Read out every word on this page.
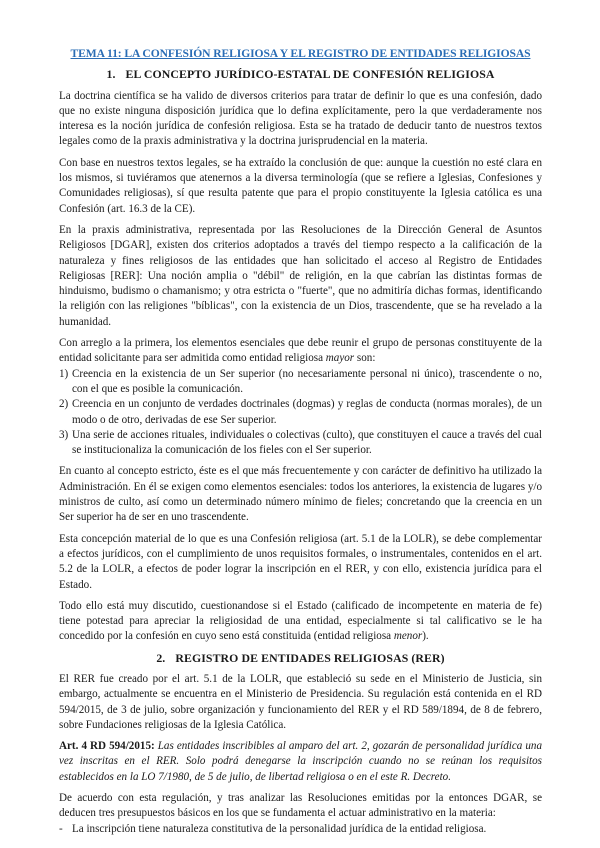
TEMA 11: LA CONFESIÓN RELIGIOSA Y EL REGISTRO DE ENTIDADES RELIGIOSAS
1. EL CONCEPTO JURÍDICO-ESTATAL DE CONFESIÓN RELIGIOSA

La doctrina científica se ha valido de diversos criterios para tratar de definir lo que es una confesión, dado que no existe ninguna disposición jurídica que lo defina explícitamente, pero la que verdaderamente nos interesa es la noción jurídica de confesión religiosa. Esta se ha tratado de deducir tanto de nuestros textos legales como de la praxis administrativa y la doctrina jurisprudencial en la materia.

Con base en nuestros textos legales, se ha extraído la conclusión de que: aunque la cuestión no esté clara en los mismos, si tuviéramos que atenernos a la diversa terminología (que se refiere a Iglesias, Confesiones y Comunidades religiosas), sí que resulta patente que para el propio constituyente la Iglesia católica es una Confesión (art. 16.3 de la CE).

En la praxis administrativa, representada por las Resoluciones de la Dirección General de Asuntos Religiosos [DGAR], existen dos criterios adoptados a través del tiempo respecto a la calificación de la naturaleza y fines religiosos de las entidades que han solicitado el acceso al Registro de Entidades Religiosas [RER]: Una noción amplia o "débil" de religión, en la que cabrían las distintas formas de hinduismo, budismo o chamanismo; y otra estricta o "fuerte", que no admitiría dichas formas, identificando la religión con las religiones "bíblicas", con la existencia de un Dios, trascendente, que se ha revelado a la humanidad.

Con arreglo a la primera, los elementos esenciales que debe reunir el grupo de personas constituyente de la entidad solicitante para ser admitida como entidad religiosa mayor son:

1) Creencia en la existencia de un Ser superior (no necesariamente personal ni único), trascendente o no, con el que es posible la comunicación.
2) Creencia en un conjunto de verdades doctrinales (dogmas) y reglas de conducta (normas morales), de un modo o de otro, derivadas de ese Ser superior.
3) Una serie de acciones rituales, individuales o colectivas (culto), que constituyen el cauce a través del cual se institucionaliza la comunicación de los fieles con el Ser superior.

En cuanto al concepto estricto, éste es el que más frecuentemente y con carácter de definitivo ha utilizado la Administración. En él se exigen como elementos esenciales: todos los anteriores, la existencia de lugares y/o ministros de culto, así como un determinado número mínimo de fieles; concretando que la creencia en un Ser superior ha de ser en uno trascendente.

Esta concepción material de lo que es una Confesión religiosa (art. 5.1 de la LOLR), se debe complementar a efectos jurídicos, con el cumplimiento de unos requisitos formales, o instrumentales, contenidos en el art. 5.2 de la LOLR, a efectos de poder lograr la inscripción en el RER, y con ello, existencia jurídica para el Estado.

Todo ello está muy discutido, cuestionandose si el Estado (calificado de incompetente en materia de fe) tiene potestad para apreciar la religiosidad de una entidad, especialmente si tal calificativo se le ha concedido por la confesión en cuyo seno está constituida (entidad religiosa menor).

2. REGISTRO DE ENTIDADES RELIGIOSAS (RER)

El RER fue creado por el art. 5.1 de la LOLR, que estableció su sede en el Ministerio de Justicia, sin embargo, actualmente se encuentra en el Ministerio de Presidencia. Su regulación está contenida en el RD 594/2015, de 3 de julio, sobre organización y funcionamiento del RER y el RD 589/1894, de 8 de febrero, sobre Fundaciones religiosas de la Iglesia Católica.

Art. 4 RD 594/2015: Las entidades inscribibles al amparo del art. 2, gozarán de personalidad jurídica una vez inscritas en el RER. Solo podrá denegarse la inscripción cuando no se reúnan los requisitos establecidos en la LO 7/1980, de 5 de julio, de libertad religiosa o en el este R. Decreto.

De acuerdo con esta regulación, y tras analizar las Resoluciones emitidas por la entonces DGAR, se deducen tres presupuestos básicos en los que se fundamenta el actuar administrativo en la materia:

- La inscripción tiene naturaleza constitutiva de la personalidad jurídica de la entidad religiosa.
